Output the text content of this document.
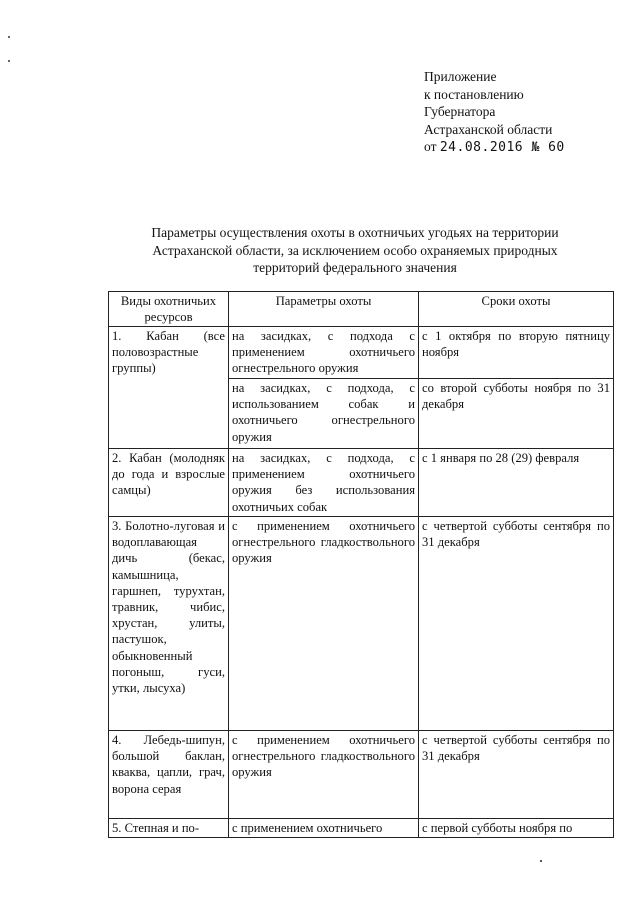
Приложение
к постановлению
Губернатора
Астраханской области
от 24.08.2016 № 60
Параметры осуществления охоты в охотничьих угодьях на территории
Астраханской области, за исключением особо охраняемых природных
территорий федерального значения
Виды охотничьих ресурсов	Параметры охоты	Сроки охоты
1. Кабан (все половозрастные группы)	на засидках, с подхода с применением охотничьего огнестрельного оружия	с 1 октября по вторую пятницу ноября
	на засидках, с подхода, с использованием собак и охотничьего огнестрельного оружия	со второй субботы ноября по 31 декабря
2. Кабан (молодняк до года и взрослые самцы)	на засидках, с подхода, с применением охотничьего оружия без использования охотничьих собак	с 1 января по 28 (29) февраля
3. Болотно-луговая и водоплавающая дичь (бекас, камышница, гаршнеп, турухтан, травник, чибис, хрустан, улиты, пастушок, обыкновенный погоныш, гуси, утки, лысуха)	с применением охотничьего огнестрельного гладкоствольного оружия	с четвертой субботы сентября по 31 декабря
4. Лебедь-шипун, большой баклан, кваква, цапли, грач, ворона серая	с применением охотничьего огнестрельного гладкоствольного оружия	с четвертой субботы сентября по 31 декабря
5. Степная и по-	с применением охотничьего	с первой субботы ноября по
